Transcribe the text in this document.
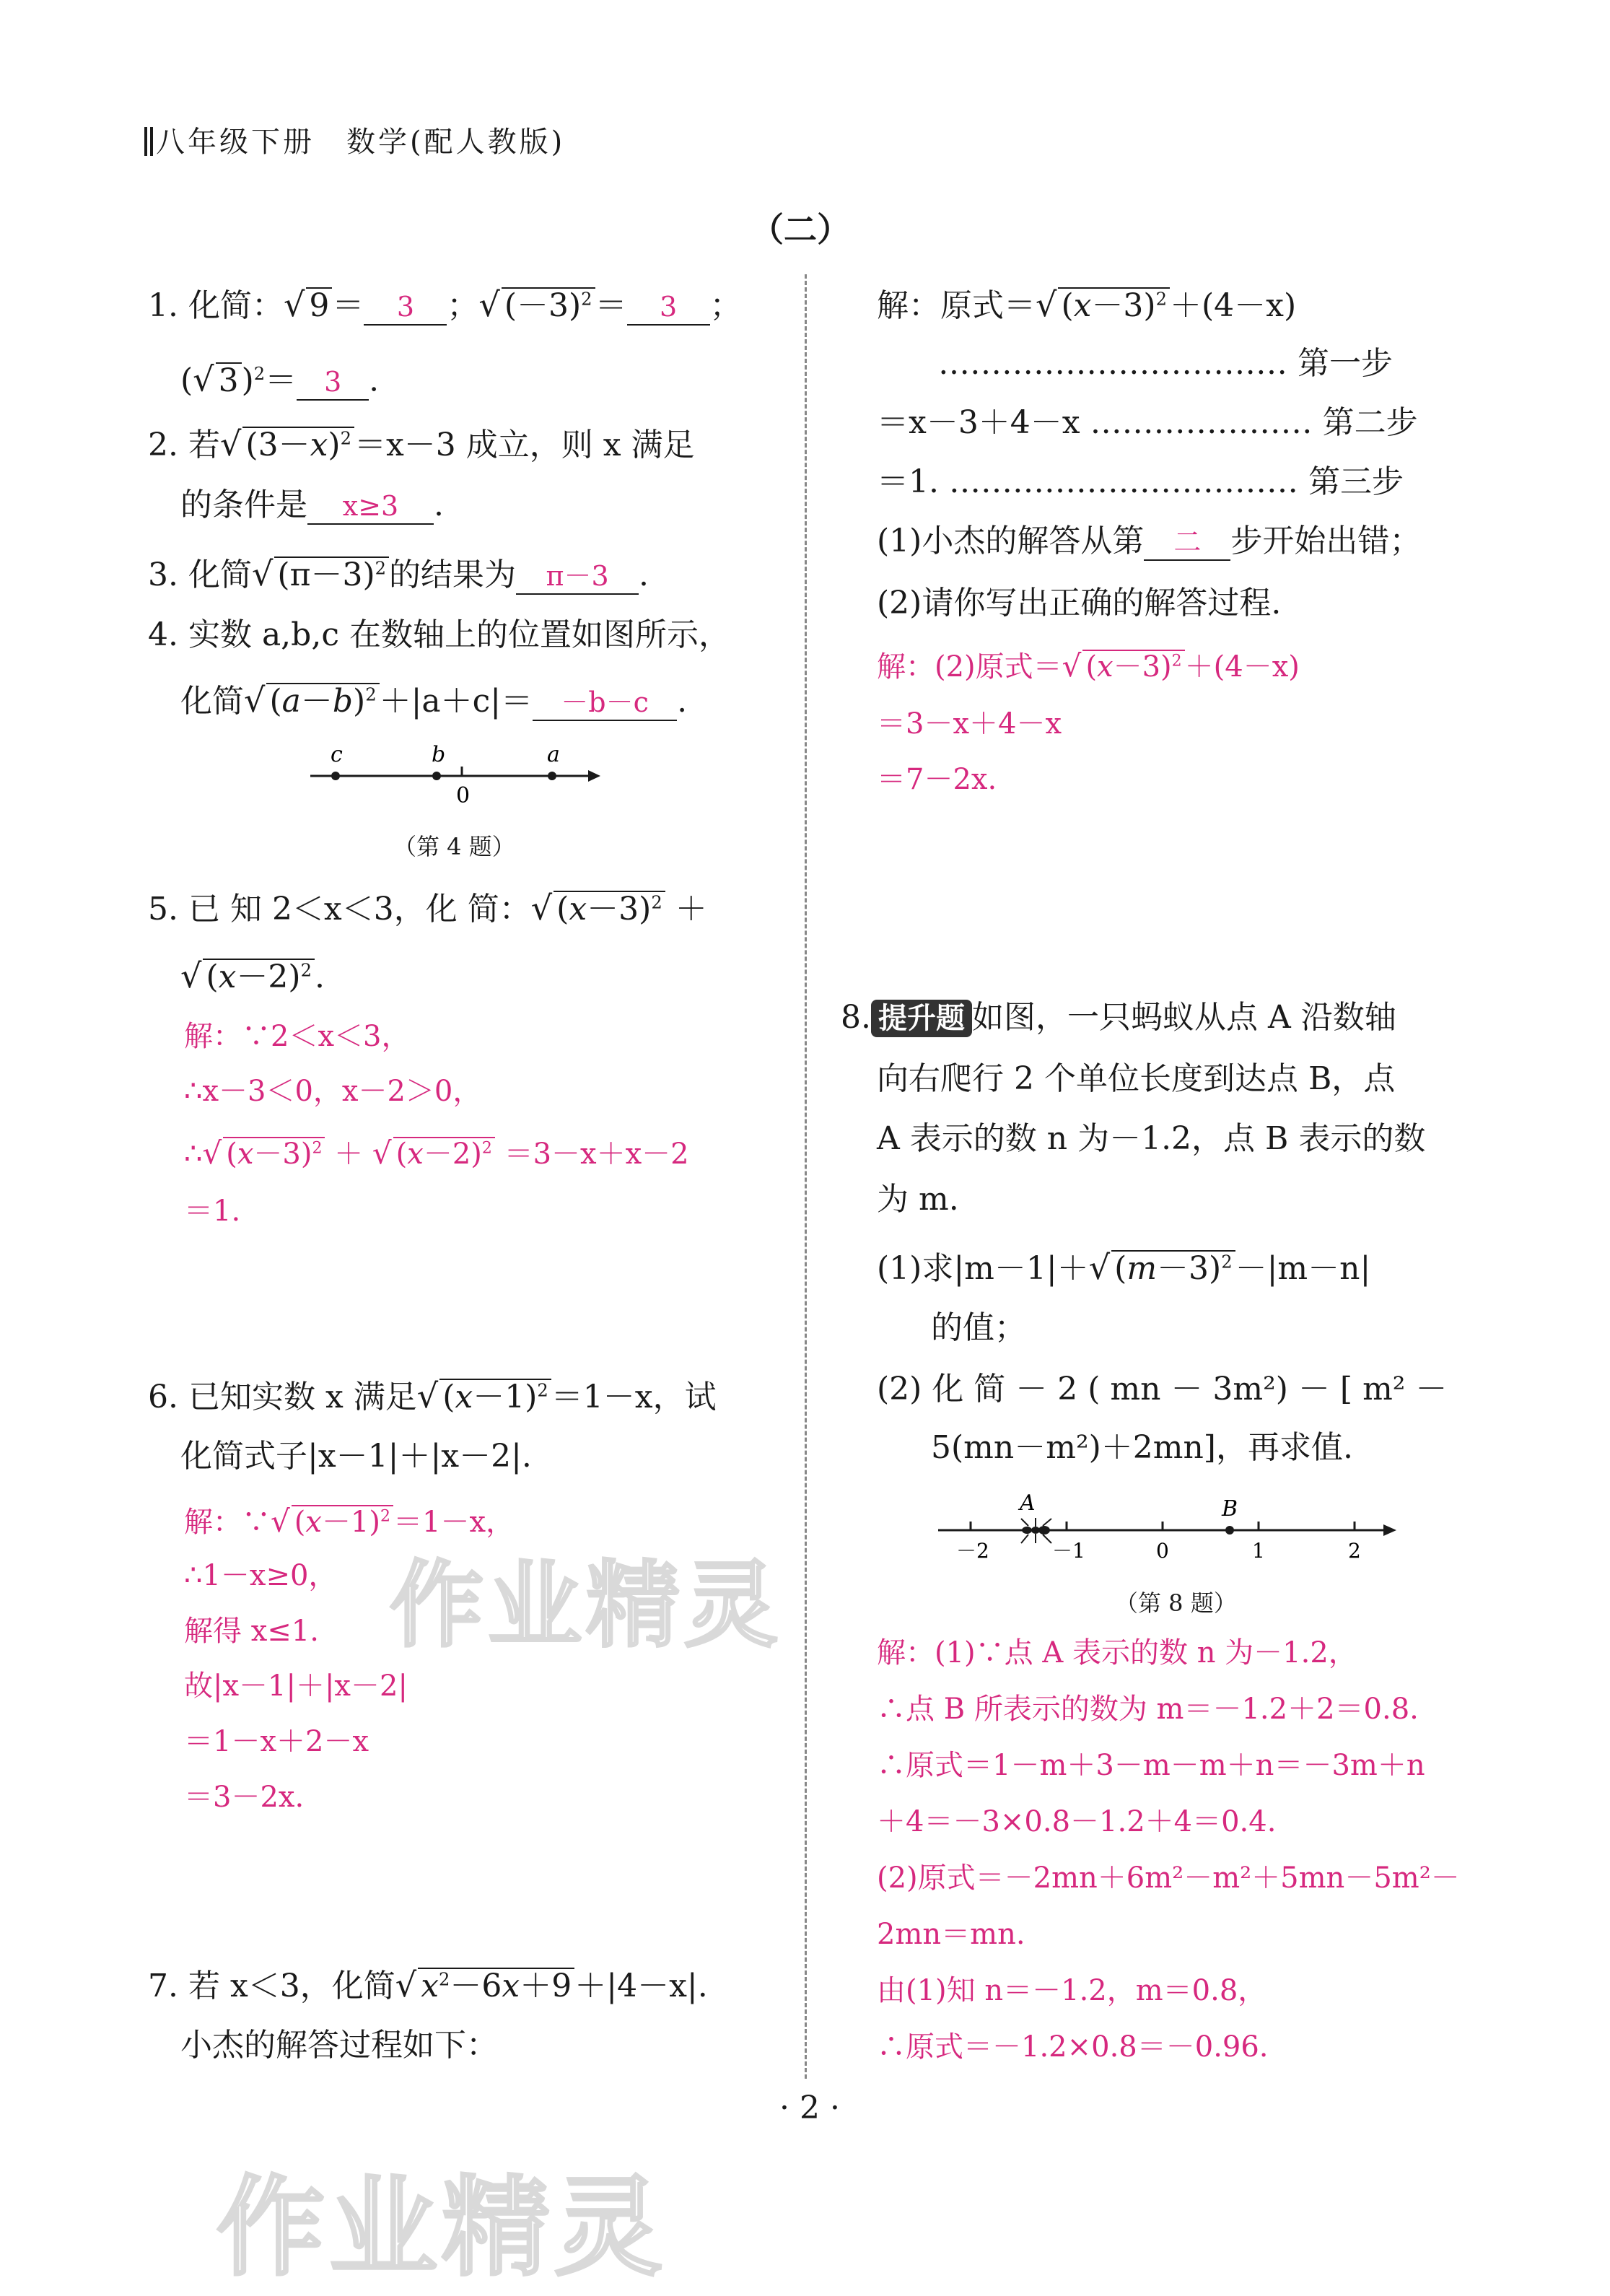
八年级下册　数学(配人教版)
（二）
1. 化简：√ 9＝ 3 ；√ $(-3)^2= 3$ ；
(√ 3)$^2$＝ 3 .
2. 若√ $(3-x)^2=x-3$ 成立，则 x 满足
的条件是 x≥3 .
3. 化简√ $(\pi-3)^2$的结果为 π－3 .
4. 实数 a,b,c 在数轴上的位置如图所示，
化简√ $(a-b)^2+|a+c|= -b-c$ .
c	b
0
a
（第 4 题）
5. 已 知 2＜x＜3，化 简：√ $(x-3)^2$ ＋
√ $(x-2)^2$.
解：∵2＜x＜3，
∴x－3＜0，x－2＞0，
∴√ $(x-3)^2$ ＋ √ $(x-2)^2 =3-x+x-2$
＝1.
6. 已知实数 x 满足√ $(x-1)^2=1-x$，试
化简式子|x－1|＋|x－2|.
解：∵√ $(x-1)^2 =1-x$，
∴1－x≥0，
解得 x≤1.
故|x－1|＋|x－2|
＝1－x＋2－x
＝3－2x.
7. 若 x＜3，化简√ $x^2-6x+9+|4-x|$.
小杰的解答过程如下：
解：原式＝√ $(x-3)^2+(4-x)$
…………………………… 第一步
＝x－3＋4－x ………………… 第二步
＝1. …………………………… 第三步
(1)小杰的解答从第 二 步开始出错；
(2)请你写出正确的解答过程.
解：(2)原式＝√ $(x-3)^2 +(4-x)$
＝3－x＋4－x
＝7－2x.
8. 提升题 如图，一只蚂蚁从点 A 沿数轴
向右爬行 2 个单位长度到达点 B，点
A 表示的数 n 为－1.2，点 B 表示的数
为 m.
(1)求|m－1|＋√ $(m-3)^2-|m-n|$
的值；
(2) 化 简 － 2 ( mn － 3m²) － [ m² －
5(mn－m²)＋2mn]，再求值.
A	B
－2	－1	0	1	2
（第 8 题）
解：(1)∵点 A 表示的数 n 为－1.2，
∴点 B 所表示的数为 m＝－1.2＋2＝0.8.
∴原式＝1－m＋3－m－m＋n＝－3m＋n
＋4＝－3×0.8－1.2＋4＝0.4.
(2)原式＝－2mn＋6m²－m²＋5mn－5m²－
2mn＝mn.
由(1)知 n＝－1.2，m＝0.8，
∴原式＝－1.2×0.8＝－0.96.
· 2 ·
作业精灵
作业精灵
